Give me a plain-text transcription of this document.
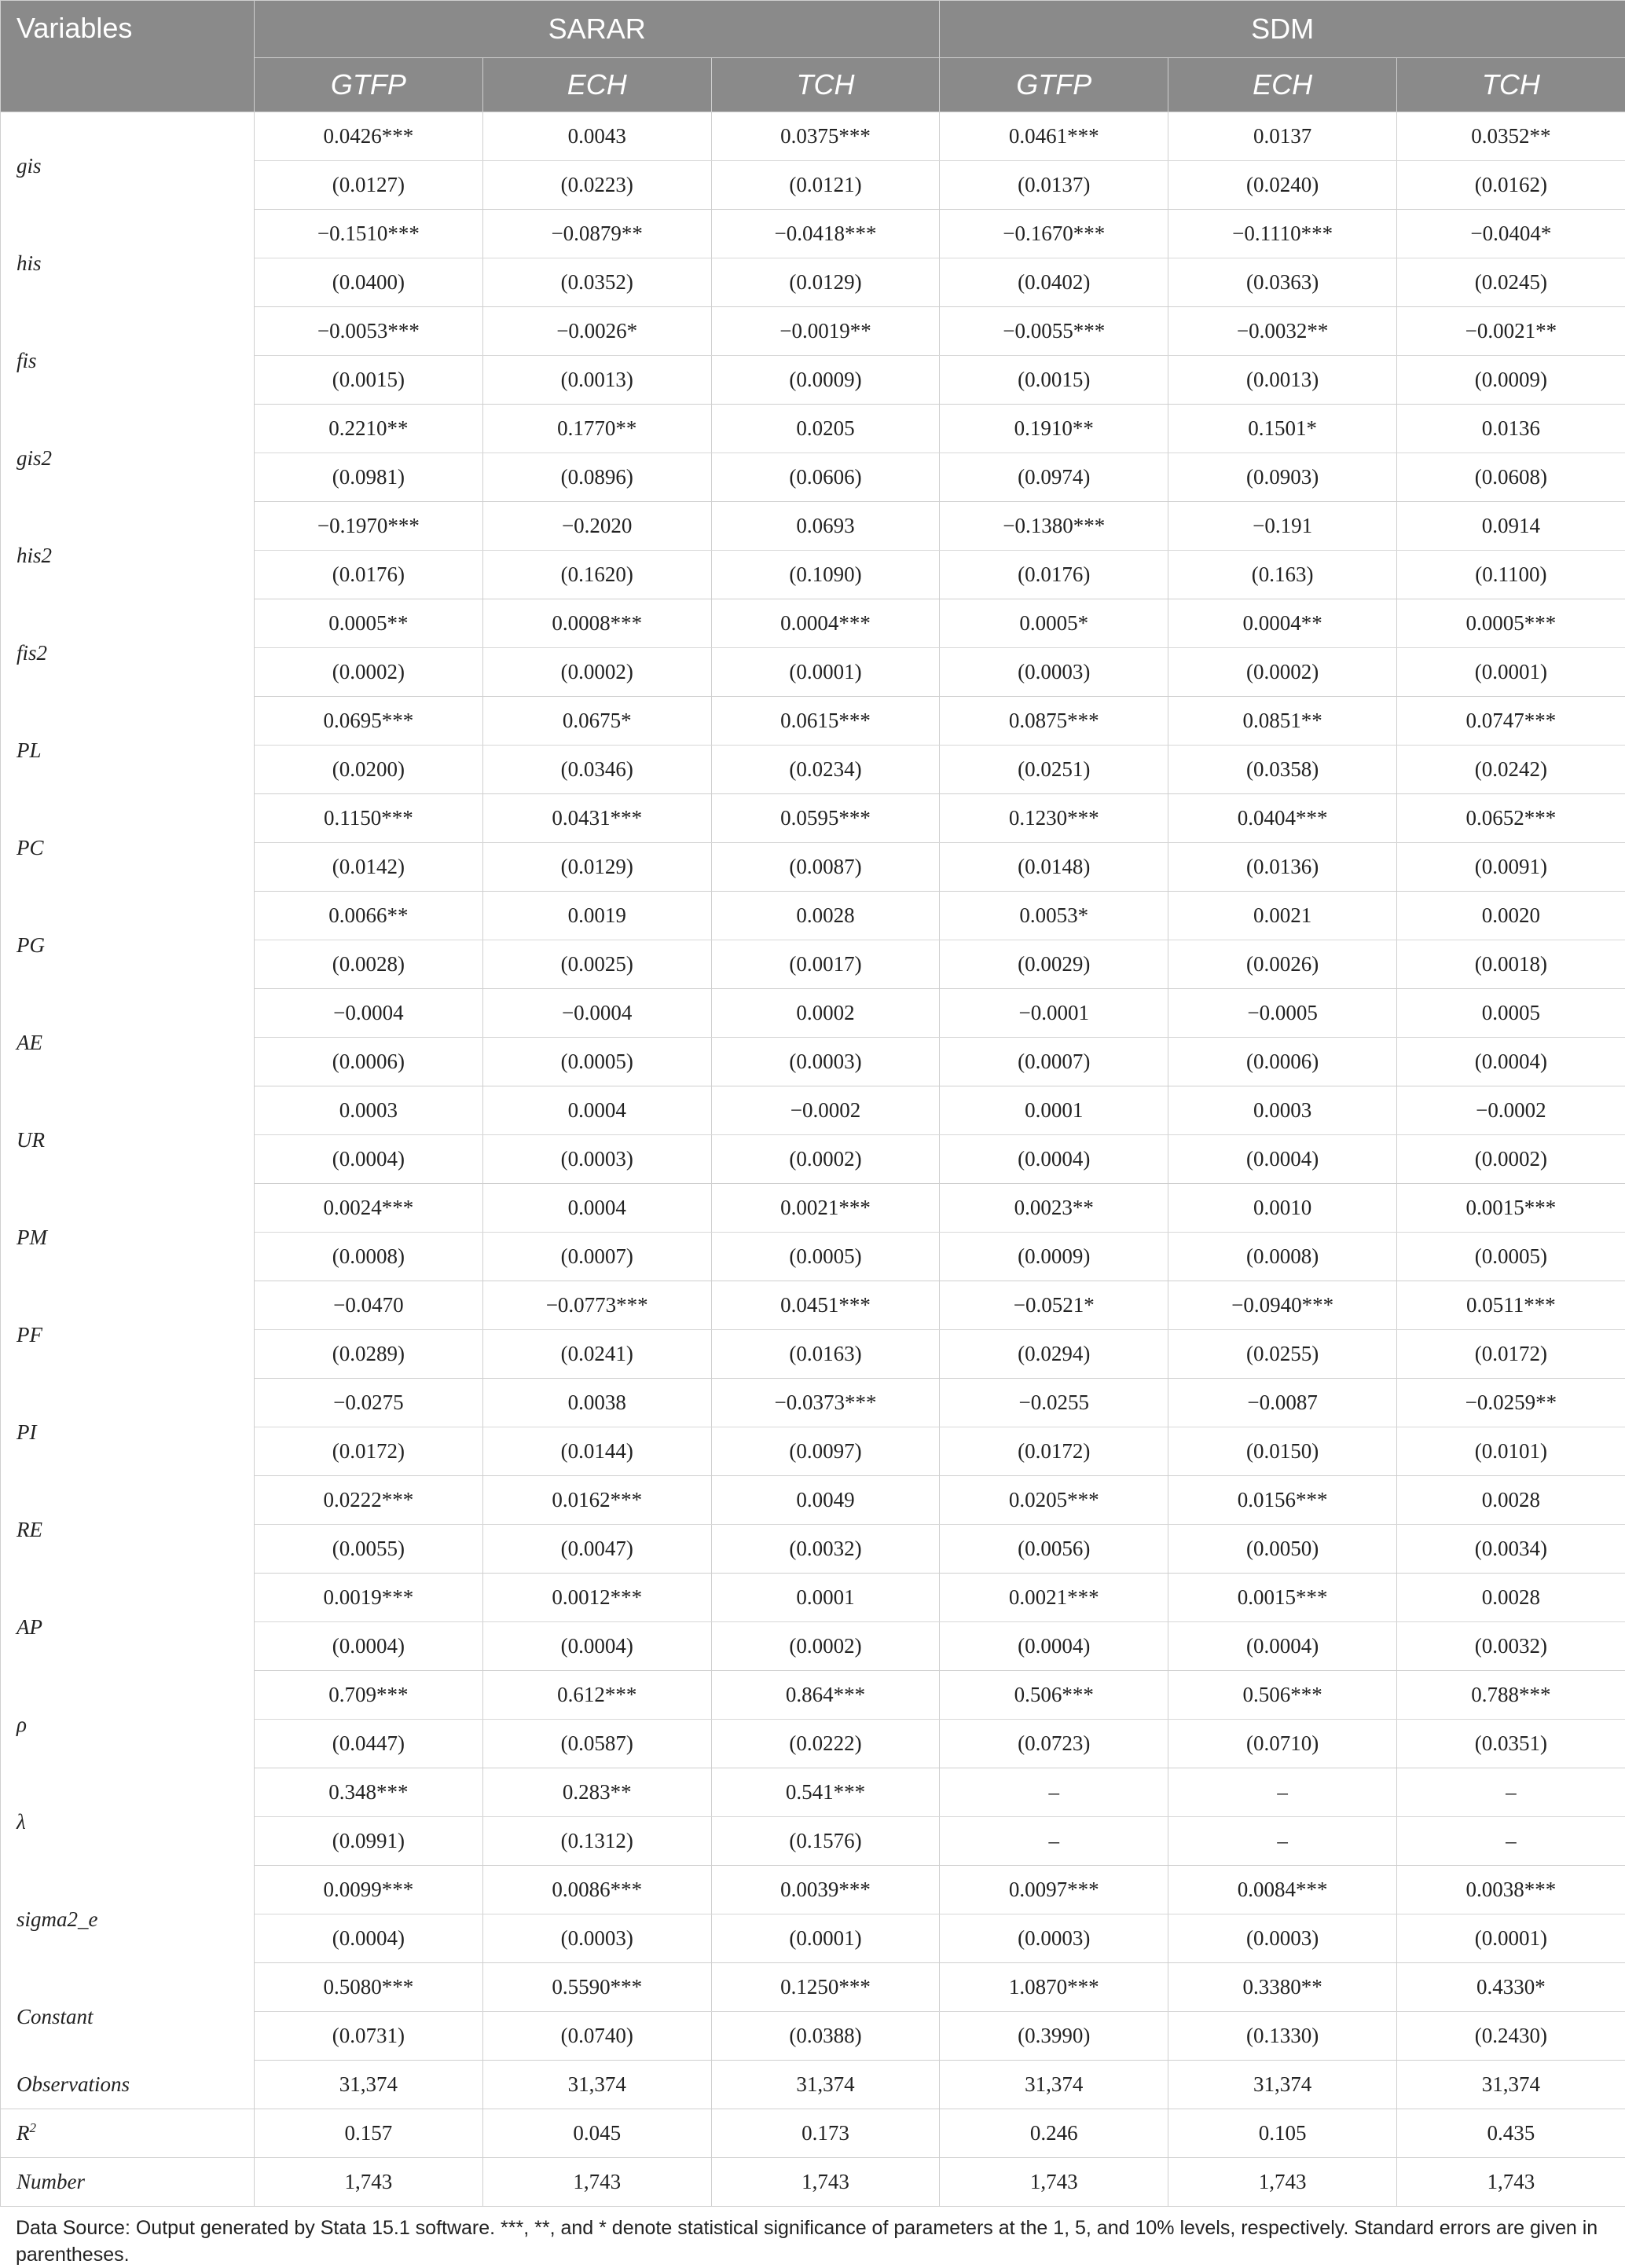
Variables	SARAR			SDM		
	GTFP	ECH	TCH	GTFP	ECH	TCH
gis	0.0426***	0.0043	0.0375***	0.0461***	0.0137	0.0352**
	(0.0127)	(0.0223)	(0.0121)	(0.0137)	(0.0240)	(0.0162)
his	−0.1510***	−0.0879**	−0.0418***	−0.1670***	−0.1110***	−0.0404*
	(0.0400)	(0.0352)	(0.0129)	(0.0402)	(0.0363)	(0.0245)
fis	−0.0053***	−0.0026*	−0.0019**	−0.0055***	−0.0032**	−0.0021**
	(0.0015)	(0.0013)	(0.0009)	(0.0015)	(0.0013)	(0.0009)
gis2	0.2210**	0.1770**	0.0205	0.1910**	0.1501*	0.0136
	(0.0981)	(0.0896)	(0.0606)	(0.0974)	(0.0903)	(0.0608)
his2	−0.1970***	−0.2020	0.0693	−0.1380***	−0.191	0.0914
	(0.0176)	(0.1620)	(0.1090)	(0.0176)	(0.163)	(0.1100)
fis2	0.0005**	0.0008***	0.0004***	0.0005*	0.0004**	0.0005***
	(0.0002)	(0.0002)	(0.0001)	(0.0003)	(0.0002)	(0.0001)
PL	0.0695***	0.0675*	0.0615***	0.0875***	0.0851**	0.0747***
	(0.0200)	(0.0346)	(0.0234)	(0.0251)	(0.0358)	(0.0242)
PC	0.1150***	0.0431***	0.0595***	0.1230***	0.0404***	0.0652***
	(0.0142)	(0.0129)	(0.0087)	(0.0148)	(0.0136)	(0.0091)
PG	0.0066**	0.0019	0.0028	0.0053*	0.0021	0.0020
	(0.0028)	(0.0025)	(0.0017)	(0.0029)	(0.0026)	(0.0018)
AE	−0.0004	−0.0004	0.0002	−0.0001	−0.0005	0.0005
	(0.0006)	(0.0005)	(0.0003)	(0.0007)	(0.0006)	(0.0004)
UR	0.0003	0.0004	−0.0002	0.0001	0.0003	−0.0002
	(0.0004)	(0.0003)	(0.0002)	(0.0004)	(0.0004)	(0.0002)
PM	0.0024***	0.0004	0.0021***	0.0023**	0.0010	0.0015***
	(0.0008)	(0.0007)	(0.0005)	(0.0009)	(0.0008)	(0.0005)
PF	−0.0470	−0.0773***	0.0451***	−0.0521*	−0.0940***	0.0511***
	(0.0289)	(0.0241)	(0.0163)	(0.0294)	(0.0255)	(0.0172)
PI	−0.0275	0.0038	−0.0373***	−0.0255	−0.0087	−0.0259**
	(0.0172)	(0.0144)	(0.0097)	(0.0172)	(0.0150)	(0.0101)
RE	0.0222***	0.0162***	0.0049	0.0205***	0.0156***	0.0028
	(0.0055)	(0.0047)	(0.0032)	(0.0056)	(0.0050)	(0.0034)
AP	0.0019***	0.0012***	0.0001	0.0021***	0.0015***	0.0028
	(0.0004)	(0.0004)	(0.0002)	(0.0004)	(0.0004)	(0.0032)
ρ	0.709***	0.612***	0.864***	0.506***	0.506***	0.788***
	(0.0447)	(0.0587)	(0.0222)	(0.0723)	(0.0710)	(0.0351)
λ	0.348***	0.283**	0.541***	–	–	–
	(0.0991)	(0.1312)	(0.1576)	–	–	–
sigma2_e	0.0099***	0.0086***	0.0039***	0.0097***	0.0084***	0.0038***
	(0.0004)	(0.0003)	(0.0001)	(0.0003)	(0.0003)	(0.0001)
Constant	0.5080***	0.5590***	0.1250***	1.0870***	0.3380**	0.4330*
	(0.0731)	(0.0740)	(0.0388)	(0.3990)	(0.1330)	(0.2430)
Observations	31,374	31,374	31,374	31,374	31,374	31,374
$R^2$	0.157	0.045	0.173	0.246	0.105	0.435
Number	1,743	1,743	1,743	1,743	1,743	1,743
Data Source: Output generated by Stata 15.1 software. ***, **, and * denote statistical significance of parameters at the 1, 5, and 10% levels, respectively. Standard errors are given in parentheses.
